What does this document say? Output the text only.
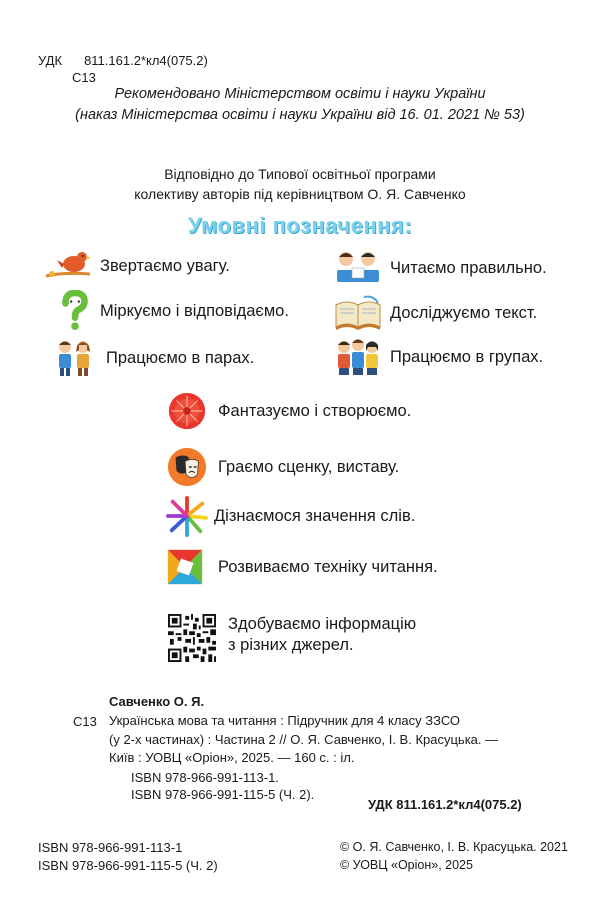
УДК 811.161.2*кл4(075.2)
С13
Рекомендовано Міністерством освіти і науки України
(наказ Міністерства освіти і науки України від 16. 01. 2021 № 53)
Відповідно до Типової освітньої програми
колективу авторів під керівництвом О. Я. Савченко
Умовні позначення:
Звертаємо увагу.	Читаємо правильно.
Міркуємо і відповідаємо.	Досліджуємо текст.
Працюємо в парах.	Працюємо в групах.
Фантазуємо і створюємо.
Граємо сценку, виставу.
Дізнаємося значення слів.
Розвиваємо техніку читання.
Здобуваємо інформацію
з різних джерел.
Савченко О. Я.
С13 Українська мова та читання : Підручник для 4 класу ЗЗСО
(у 2-х частинах) : Частина 2 // О. Я. Савченко, І. В. Красуцька. —
Київ : УОВЦ «Оріон», 2025. — 160 с. : іл.
ISBN 978-966-991-113-1.
ISBN 978-966-991-115-5 (Ч. 2).
УДК 811.161.2*кл4(075.2)
ISBN 978-966-991-113-1
ISBN 978-966-991-115-5 (Ч. 2)
© О. Я. Савченко, І. В. Красуцька. 2021
© УОВЦ «Оріон», 2025
